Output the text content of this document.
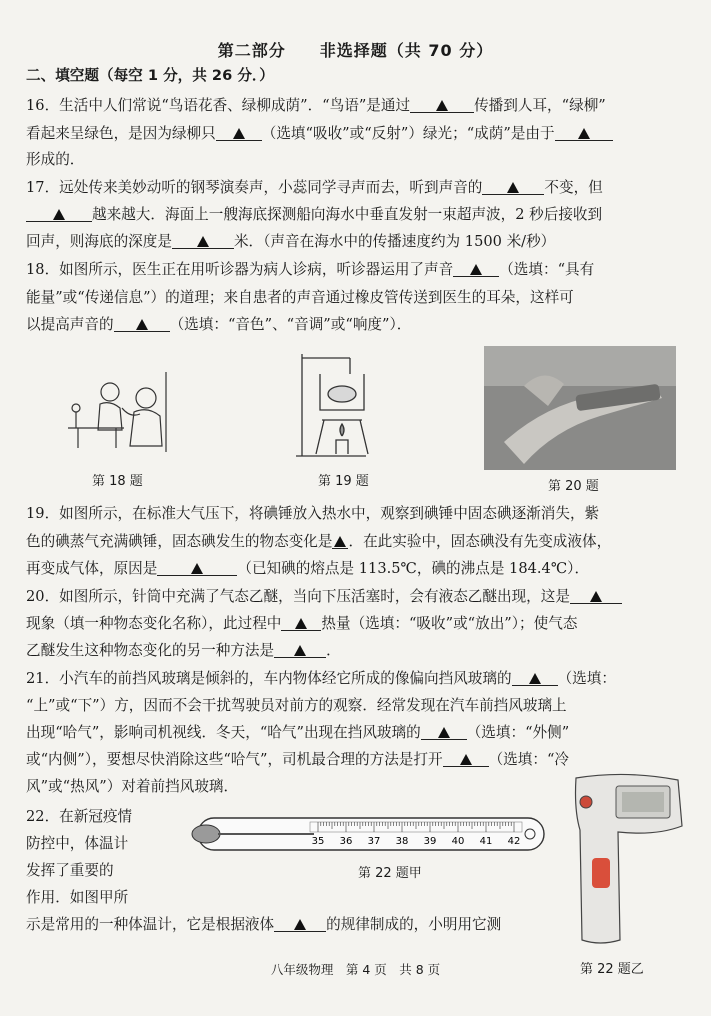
第二部分　　非选择题（共 70 分）
二、填空题（每空 1 分，共 26 分．）
16．生活中人们常说“鸟语花香、绿柳成荫”．“鸟语”是通过	传播到人耳，“绿柳”
看起来呈绿色，是因为绿柳只	（选填“吸收”或“反射”）绿光；“成荫”是由于
形成的．
17．远处传来美妙动听的钢琴演奏声，小蕊同学寻声而去，听到声音的	不变，但
越来越大．海面上一艘海底探测船向海水中垂直发射一束超声波，2 秒后接收到
回声，则海底的深度是	米．（声音在海水中的传播速度约为 1500 米/秒）
18．如图所示，医生正在用听诊器为病人诊病，听诊器运用了声音	（选填：“具有
能量”或“传递信息”）的道理；来自患者的声音通过橡皮管传送到医生的耳朵，这样可
以提高声音的	（选填：“音色”、“音调”或“响度”）．
第 18 题	第 19 题	第 20 题
19．如图所示，在标准大气压下，将碘锤放入热水中，观察到碘锤中固态碘逐渐消失，紫
色的碘蒸气充满碘锤，固态碘发生的物态变化是 ．在此实验中，固态碘没有先变成液体，
再变成气体，原因是	（已知碘的熔点是 113.5℃，碘的沸点是 184.4℃）．
20．如图所示，针筒中充满了气态乙醚，当向下压活塞时，会有液态乙醚出现，这是
现象（填一种物态变化名称），此过程中	热量（选填：“吸收”或“放出”）；使气态
乙醚发生这种物态变化的另一种方法是	．
21．小汽车的前挡风玻璃是倾斜的，车内物体经它所成的像偏向挡风玻璃的	（选填：
“上”或“下”）方，因而不会干扰驾驶员对前方的观察．经常发现在汽车前挡风玻璃上
出现“哈气”，影响司机视线．冬天，“哈气”出现在挡风玻璃的	（选填：“外侧”
或“内侧”），要想尽快消除这些“哈气”，司机最合理的方法是打开	（选填：“冷
风”或“热风”）对着前挡风玻璃．
22．在新冠疫情
防控中，体温计
发挥了重要的
作用．如图甲所
示是常用的一种体温计，它是根据液体	的规律制成的，小明用它测
35 36 37 38 39 40 41 42
第 22 题甲
第 22 题乙
八年级物理　第 4 页　共 8 页
